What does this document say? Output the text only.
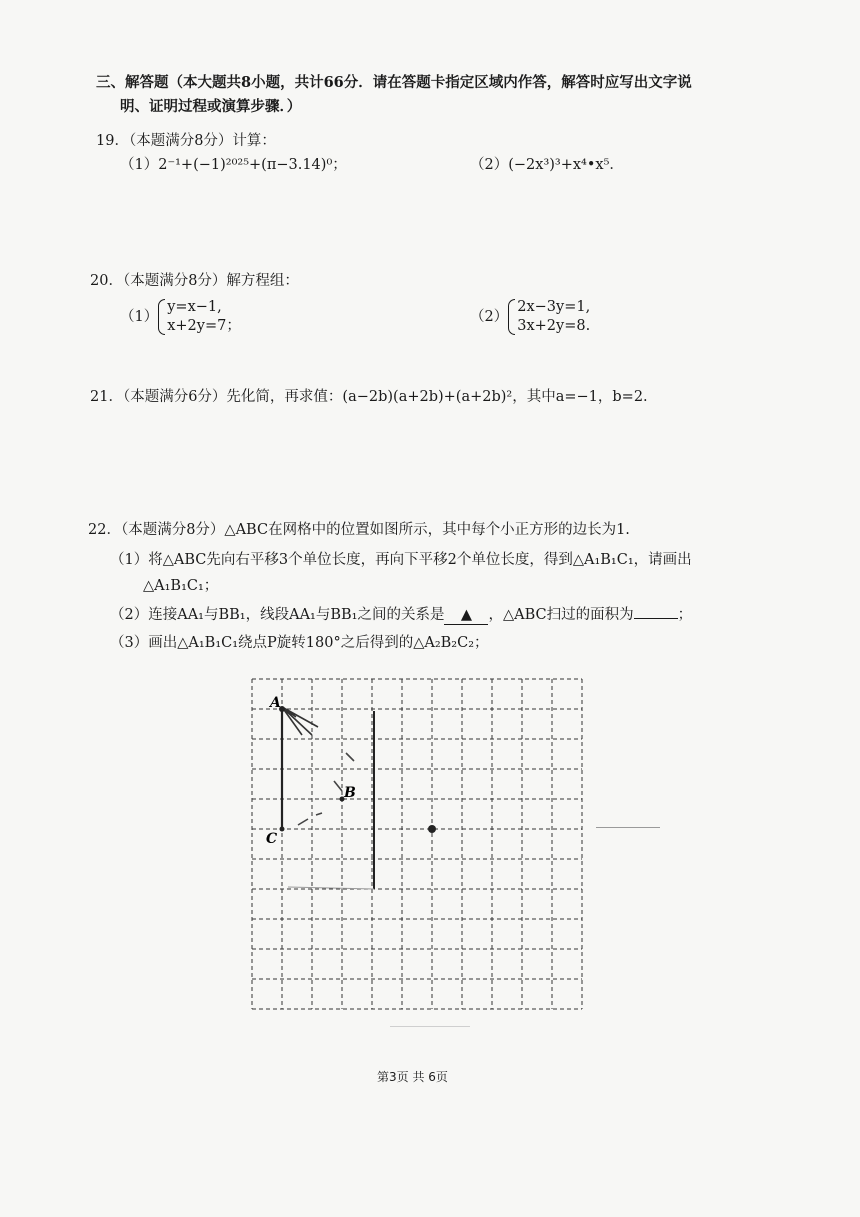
三、解答题（本大题共8小题，共计66分．请在答题卡指定区域内作答，解答时应写出文字说
明、证明过程或演算步骤．）
19．（本题满分8分）计算：
（1）2⁻¹+(−1)²⁰²⁵+(π−3.14)⁰；	（2）(−2x³)³+x⁴•x⁵．
20．（本题满分8分）解方程组：
（1）
y=x−1,
x+2y=7；
（2）
2x−3y=1,
3x+2y=8.
21．（本题满分6分）先化简，再求值：(a−2b)(a+2b)+(a+2b)²，其中a=−1，b=2.
22．（本题满分8分）△ABC在网格中的位置如图所示，其中每个小正方形的边长为1.
（1）将△ABC先向右平移3个单位长度，再向下平移2个单位长度，得到△A₁B₁C₁，请画出
△A₁B₁C₁；
（2）连接AA₁与BB₁，线段AA₁与BB₁之间的关系是 ▲ ，△ABC扫过的面积为	；
（3）画出△A₁B₁C₁绕点P旋转180°之后得到的△A₂B₂C₂；
A
B
C
第3页 共 6页
